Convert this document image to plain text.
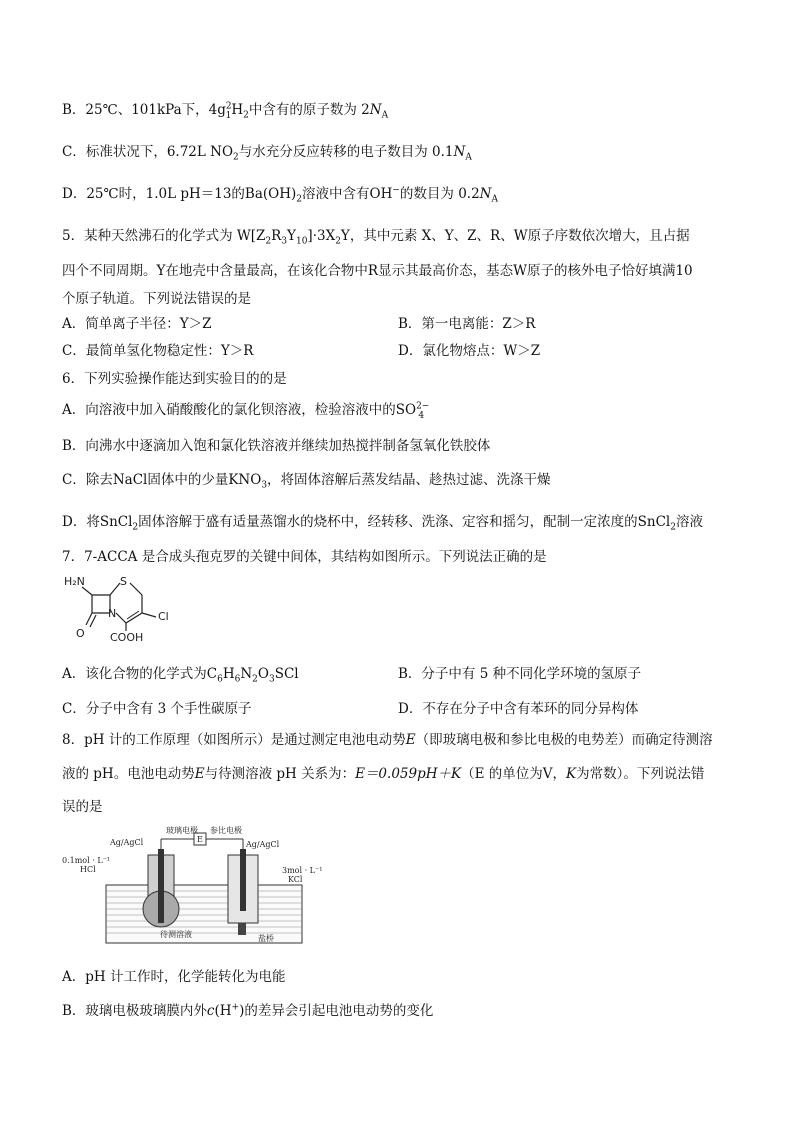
B．25℃、101kPa下，$4g^2_1H_2$中含有的原子数为 $2N_A$
C．标准状况下，6.72L $NO_2$与水充分反应转移的电子数目为 $0.1N_A$
D．25℃时，1.0L pH＝13的$Ba(OH)_2$溶液中含有OH−的数目为 $0.2N_A$
5．某种天然沸石的化学式为 $W[Z_2R_3Y_{10}]\cdot 3X_2Y$，其中元素 X、Y、Z、R、W原子序数依次增大，且占据
四个不同周期。Y在地壳中含量最高，在该化合物中R显示其最高价态，基态W原子的核外电子恰好填满10
个原子轨道。下列说法错误的是
A．简单离子半径：Y＞Z	B．第一电离能：Z＞R
C．最简单氢化物稳定性：Y＞R	D．氯化物熔点：W＞Z
6．下列实验操作能达到实验目的的是
A．向溶液中加入硝酸酸化的氯化钡溶液，检验溶液中的$SO^{2-}_4$
B．向沸水中逐滴加入饱和氯化铁溶液并继续加热搅拌制备氢氧化铁胶体
C．除去NaCl固体中的少量$KNO_3$，将固体溶解后蒸发结晶、趁热过滤、洗涤干燥
D．将SnCl$_2$固体溶解于盛有适量蒸馏水的烧杯中，经转移、洗涤、定容和摇匀，配制一定浓度的SnCl$_2$溶液
7．7-ACCA 是合成头孢克罗的关键中间体，其结构如图所示。下列说法正确的是
H₂N	S
N	Cl
O COOH
A．该化合物的化学式为$C_6H_6N_2O_3SCl$	B．分子中有 5 种不同化学环境的氢原子
C．分子中含有 3 个手性碳原子	D．不存在分子中含有苯环的同分异构体
8．pH 计的工作原理（如图所示）是通过测定电池电动势E（即玻璃电极和参比电极的电势差）而确定待测溶
液的 pH。电池电动势E与待测溶液 pH 关系为：E＝0.059pH＋K（E 的单位为V，K为常数）。下列说法错
误的是
玻璃电极 参比电极
E
Ag/AgCl	Ag/AgCl
0.1mol · L⁻¹
HCl	3mol · L⁻¹
KCl
待测溶液	盐桥
A．pH 计工作时，化学能转化为电能
B．玻璃电极玻璃膜内外c(H+)的差异会引起电池电动势的变化
